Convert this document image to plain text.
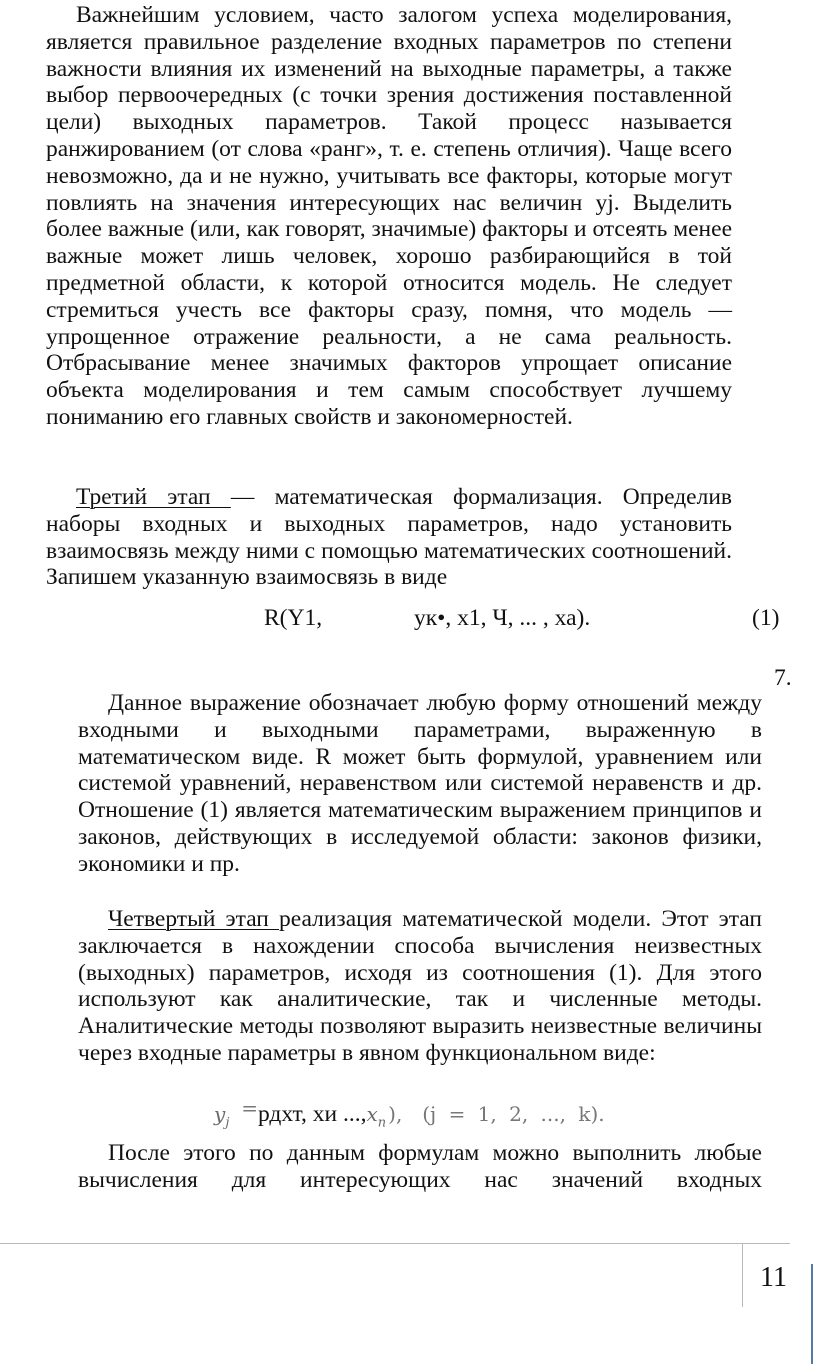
Важнейшим условием, часто залогом успеха моделирования, является правильное разделение входных параметров по степени важности влияния их изменений на выходные параметры, а также выбор первоочередных (с точки зрения достижения поставленной цели) выходных параметров. Такой процесс называется ранжированием (от слова «ранг», т. е. степень отличия). Чаще всего невозможно, да и не нужно, учитывать все факторы, которые могут повлиять на значения интересующих нас величин yj. Выделить более важные (или, как говорят, значимые) факторы и отсеять менее важные может лишь человек, хорошо разбирающийся в той предметной области, к которой относится модель. Не следует стремиться учесть все факторы сразу, помня, что модель — упрощенное отражение реальности, а не сама реальность. Отбрасывание менее значимых факторов упрощает описание объекта моделирования и тем самым способствует лучшему пониманию его главных свойств и закономерностей.

Третий этап — математическая формализация. Определив наборы входных и выходных параметров, надо установить взаимосвязь между ними с помощью математических соотношений. Запишем указанную взаимосвязь в виде

R(Y1,	ук•, х1, Ч, ... , ха).	(1)
7.

Данное выражение обозначает любую форму отношений между входными и выходными параметрами, выраженную в математическом виде. R может быть формулой, уравнением или системой уравнений, неравенством или системой неравенств и др. Отношение (1) является математическим выражением принципов и законов, действующих в исследуемой области: законов физики, экономики и пр.

Четвертый этап реализация математической модели. Этот этап заключается в нахождении способа вычисления неизвестных (выходных) параметров, исходя из соотношения (1). Для этого используют как аналитические, так и численные методы. Аналитические методы позволяют выразить неизвестные величины через входные параметры в явном функциональном виде:

$y_j$ =рдхт, хи $...,x_n$ ), (j = 1, 2, ..., k).

После этого по данным формулам можно выполнить любые вычисления для интересующих нас значений входных

11
